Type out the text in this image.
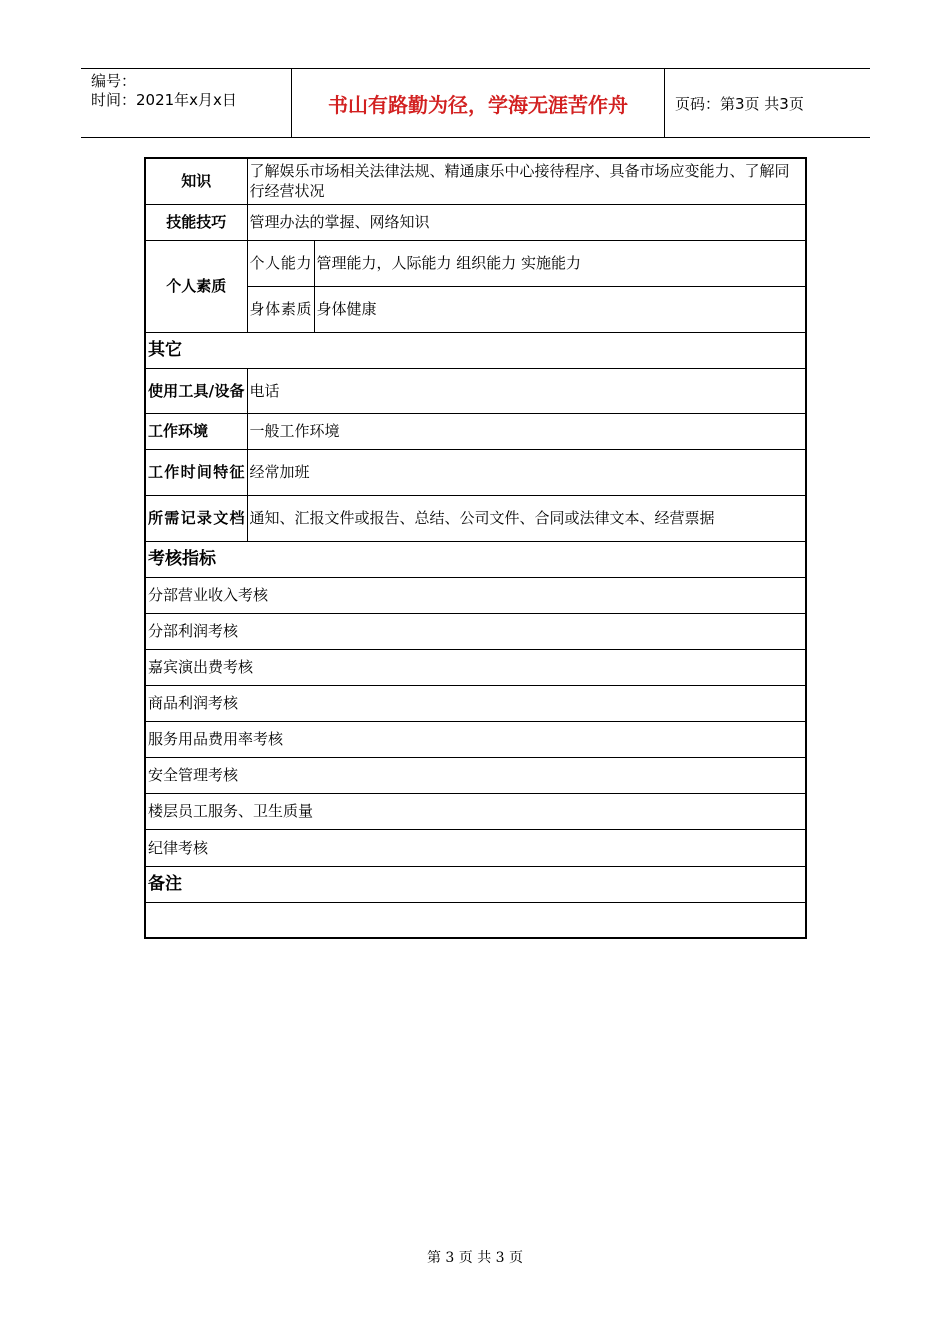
编号：
时间：2021年x月x日	书山有路勤为径，学海无涯苦作舟	页码：第3页 共3页
知识	了解娱乐市场相关法律法规、精通康乐中心接待程序、具备市场应变能力、了解同行经营状况	
技能技巧	管理办法的掌握、网络知识	
个人素质	个人能力	管理能力，人际能力 组织能力 实施能力
	身体素质	身体健康
其它		
使用工具/设备	电话	
工作环境	一般工作环境	
工作时间特征	经常加班	
所需记录文档	通知、汇报文件或报告、总结、公司文件、合同或法律文本、经营票据	
考核指标		
分部营业收入考核		
分部利润考核		
嘉宾演出费考核		
商品利润考核		
服务用品费用率考核		
安全管理考核		
楼层员工服务、卫生质量		
纪律考核		
备注		

第 3 页 共 3 页
